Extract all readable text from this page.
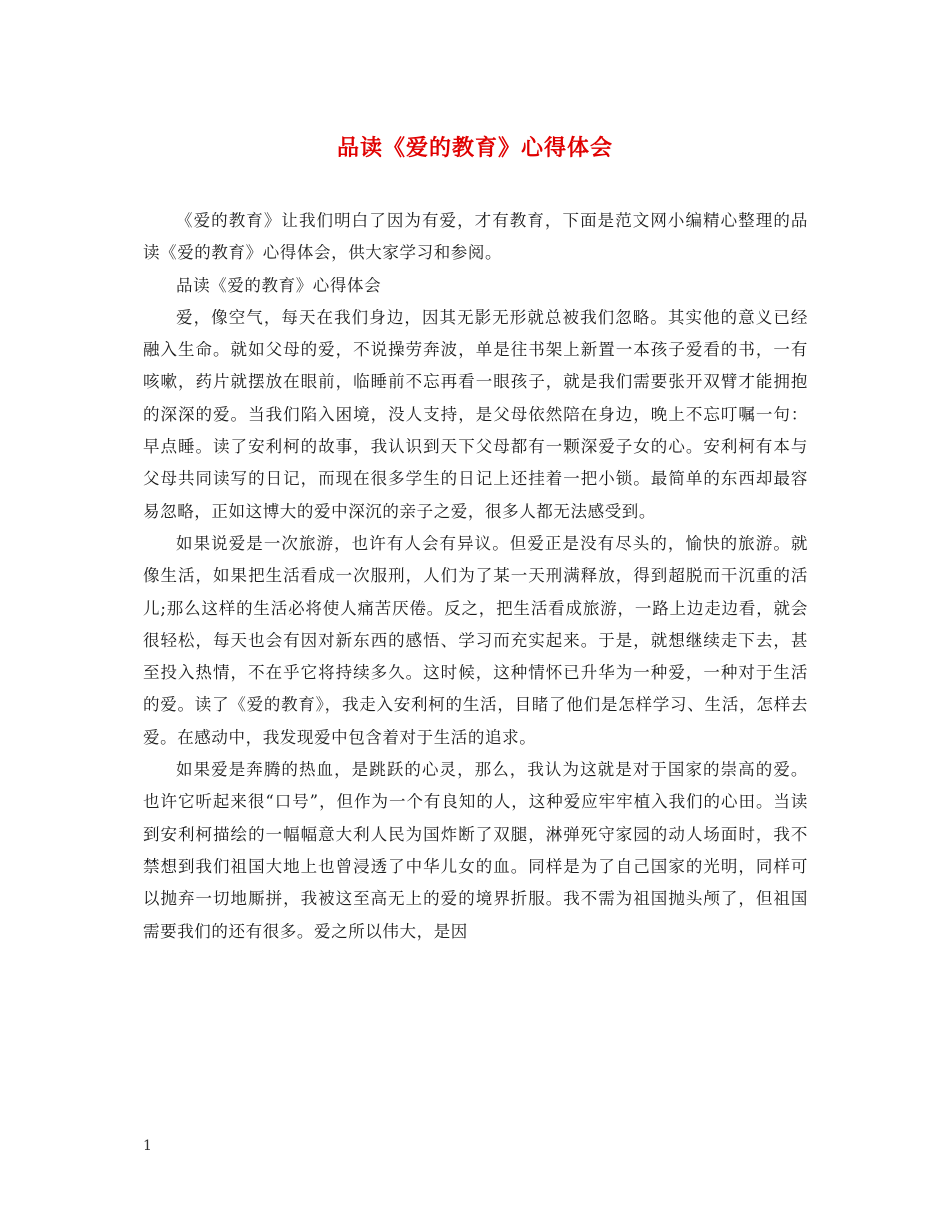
品读《爱的教育》心得体会

《爱的教育》让我们明白了因为有爱，才有教育，下面是范文网小编精心整理的品读《爱的教育》心得体会，供大家学习和参阅。

品读《爱的教育》心得体会

爱，像空气，每天在我们身边，因其无影无形就总被我们忽略。其实他的意义已经融入生命。就如父母的爱，不说操劳奔波，单是往书架上新置一本孩子爱看的书，一有咳嗽，药片就摆放在眼前，临睡前不忘再看一眼孩子，就是我们需要张开双臂才能拥抱的深深的爱。当我们陷入困境，没人支持，是父母依然陪在身边，晚上不忘叮嘱一句：早点睡。读了安利柯的故事，我认识到天下父母都有一颗深爱子女的心。安利柯有本与父母共同读写的日记，而现在很多学生的日记上还挂着一把小锁。最简单的东西却最容易忽略，正如这博大的爱中深沉的亲子之爱，很多人都无法感受到。

如果说爱是一次旅游，也许有人会有异议。但爱正是没有尽头的，愉快的旅游。就像生活，如果把生活看成一次服刑，人们为了某一天刑满释放，得到超脱而干沉重的活儿;那么这样的生活必将使人痛苦厌倦。反之，把生活看成旅游，一路上边走边看，就会很轻松，每天也会有因对新东西的感悟、学习而充实起来。于是，就想继续走下去，甚至投入热情，不在乎它将持续多久。这时候，这种情怀已升华为一种爱，一种对于生活的爱。读了《爱的教育》，我走入安利柯的生活，目睹了他们是怎样学习、生活，怎样去爱。在感动中，我发现爱中包含着对于生活的追求。

如果爱是奔腾的热血，是跳跃的心灵，那么，我认为这就是对于国家的崇高的爱。也许它听起来很“口号”，但作为一个有良知的人，这种爱应牢牢植入我们的心田。当读到安利柯描绘的一幅幅意大利人民为国炸断了双腿，淋弹死守家园的动人场面时，我不禁想到我们祖国大地上也曾浸透了中华儿女的血。同样是为了自己国家的光明，同样可以抛弃一切地厮拼，我被这至高无上的爱的境界折服。我不需为祖国抛头颅了，但祖国需要我们的还有很多。爱之所以伟大，是因

1
